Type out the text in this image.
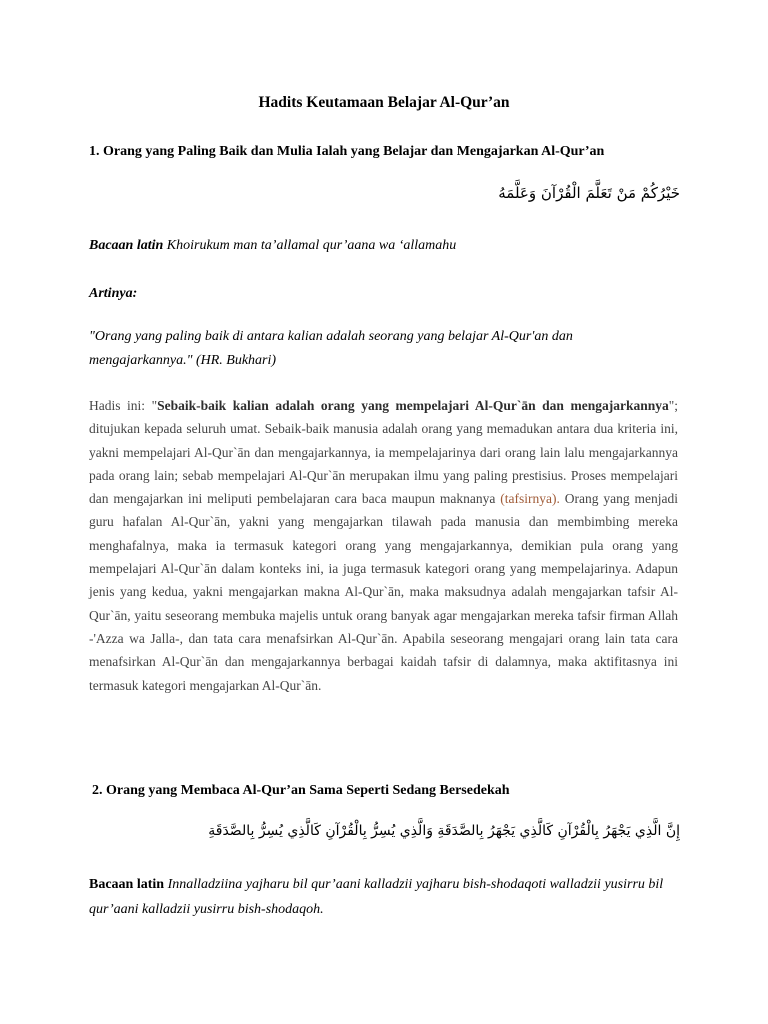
Hadits Keutamaan Belajar Al-Qur’an
1. Orang yang Paling Baik dan Mulia Ialah yang Belajar dan Mengajarkan Al-Qur’an
خَيْرُكُمْ مَنْ تَعَلَّمَ الْقُرْآنَ وَعَلَّمَهُ
Bacaan latin Khoirukum man ta’allamal qur’aana wa ‘allamahu
Artinya:
"Orang yang paling baik di antara kalian adalah seorang yang belajar Al-Qur'an dan
mengajarkannya." (HR. Bukhari)

Hadis ini: "Sebaik-baik kalian adalah orang yang mempelajari Al-Qur`ān dan mengajarkannya"; ditujukan kepada seluruh umat. Sebaik-baik manusia adalah orang yang memadukan antara dua kriteria ini, yakni mempelajari Al-Qur`ān dan mengajarkannya, ia mempelajarinya dari orang lain lalu mengajarkannya pada orang lain; sebab mempelajari Al-Qur`ān merupakan ilmu yang paling prestisius. Proses mempelajari dan mengajarkan ini meliputi pembelajaran cara baca maupun maknanya (tafsirnya). Orang yang menjadi guru hafalan Al-Qur`ān, yakni yang mengajarkan tilawah pada manusia dan membimbing mereka menghafalnya, maka ia termasuk kategori orang yang mengajarkannya, demikian pula orang yang mempelajari Al-Qur`ān dalam konteks ini, ia juga termasuk kategori orang yang mempelajarinya. Adapun jenis yang kedua, yakni mengajarkan makna Al-Qur`ān, maka maksudnya adalah mengajarkan tafsir Al-Qur`ān, yaitu seseorang membuka majelis untuk orang banyak agar mengajarkan mereka tafsir firman Allah -'Azza wa Jalla-, dan tata cara menafsirkan Al-Qur`ān. Apabila seseorang mengajari orang lain tata cara menafsirkan Al-Qur`ān dan mengajarkannya berbagai kaidah tafsir di dalamnya, maka aktifitasnya ini termasuk kategori mengajarkan Al-Qur`ān.

2. Orang yang Membaca Al-Qur’an Sama Seperti Sedang Bersedekah
إِنَّ الَّذِي يَجْهَرُ بِالْقُرْآنِ كَالَّذِي يَجْهَرُ بِالصَّدَقَةِ وَالَّذِي يُسِرُّ بِالْقُرْآنِ كَالَّذِي يُسِرُّ بِالصَّدَقَةِ

Bacaan latin Innalladziina yajharu bil qur’aani kalladzii yajharu bish-shodaqoti walladzii yusirru bil qur’aani kalladzii yusirru bish-shodaqoh.
